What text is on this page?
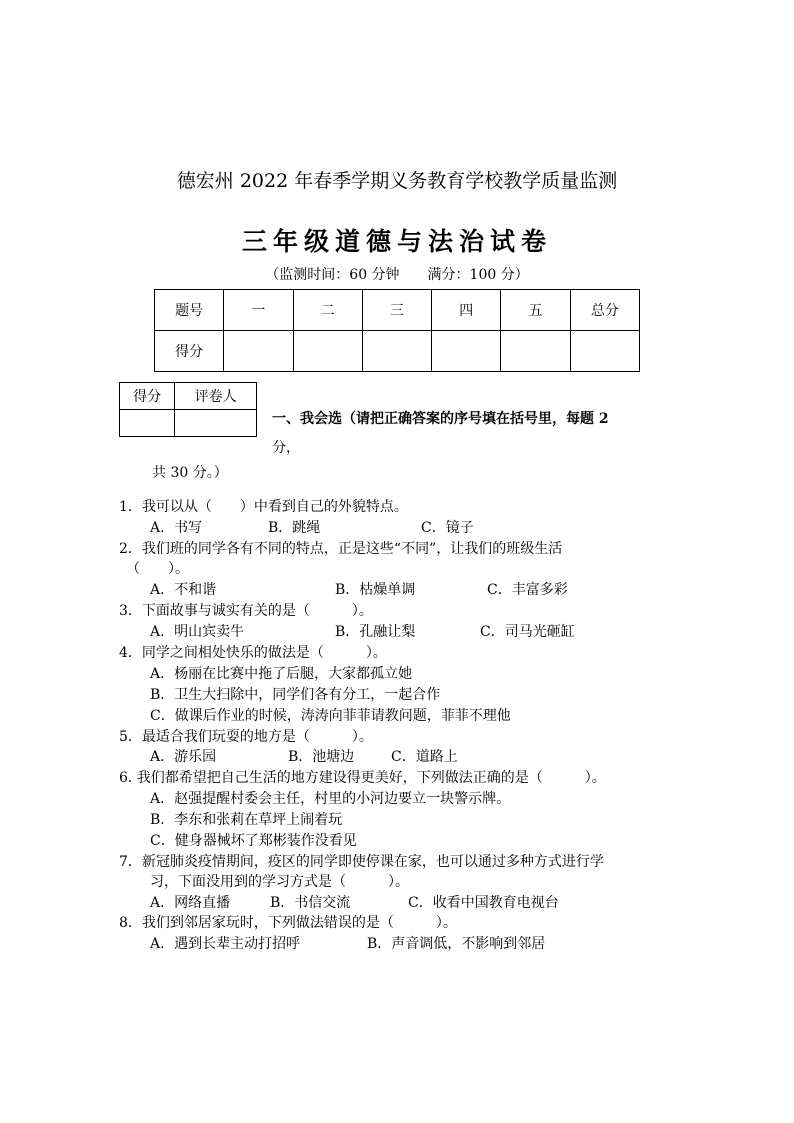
德宏州 2022 年春季学期义务教育学校教学质量监测
三年级道德与法治试卷
（监测时间：60 分钟　　满分：100 分）
题号	一	二	三	四	五	总分
得分						
得分	评卷人

一、我会选（请把正确答案的序号填在括号里，每题 2
分，
共 30 分。）
1．我可以从（　　）中看到自己的外貌特点。
A．书写	B．跳绳	C．镜子
2．我们班的同学各有不同的特点，正是这些“不同”，让我们的班级生活
（　　）。
A．不和谐	B．枯燥单调	C．丰富多彩
3．下面故事与诚实有关的是（　　　）。
A．明山宾卖牛	B．孔融让梨	C．司马光砸缸
4．同学之间相处快乐的做法是（　　　）。
A．杨丽在比赛中拖了后腿，大家都孤立她
B．卫生大扫除中，同学们各有分工，一起合作
C．做课后作业的时候，涛涛向菲菲请教问题，菲菲不理他
5．最适合我们玩耍的地方是（　　　）。
A．游乐园	B．池塘边	C．道路上
6. 我们都希望把自己生活的地方建设得更美好，下列做法正确的是（　　　）。
A．赵强提醒村委会主任，村里的小河边要立一块警示牌。
B．李东和张莉在草坪上闹着玩
C．健身器械坏了郑彬装作没看见
7．新冠肺炎疫情期间，疫区的同学即使停课在家，也可以通过多种方式进行学
习，下面没用到的学习方式是（　　　）。
A．网络直播	B．书信交流	C．收看中国教育电视台
8．我们到邻居家玩时，下列做法错误的是（　　　）。
A．遇到长辈主动打招呼	B．声音调低，不影响到邻居
